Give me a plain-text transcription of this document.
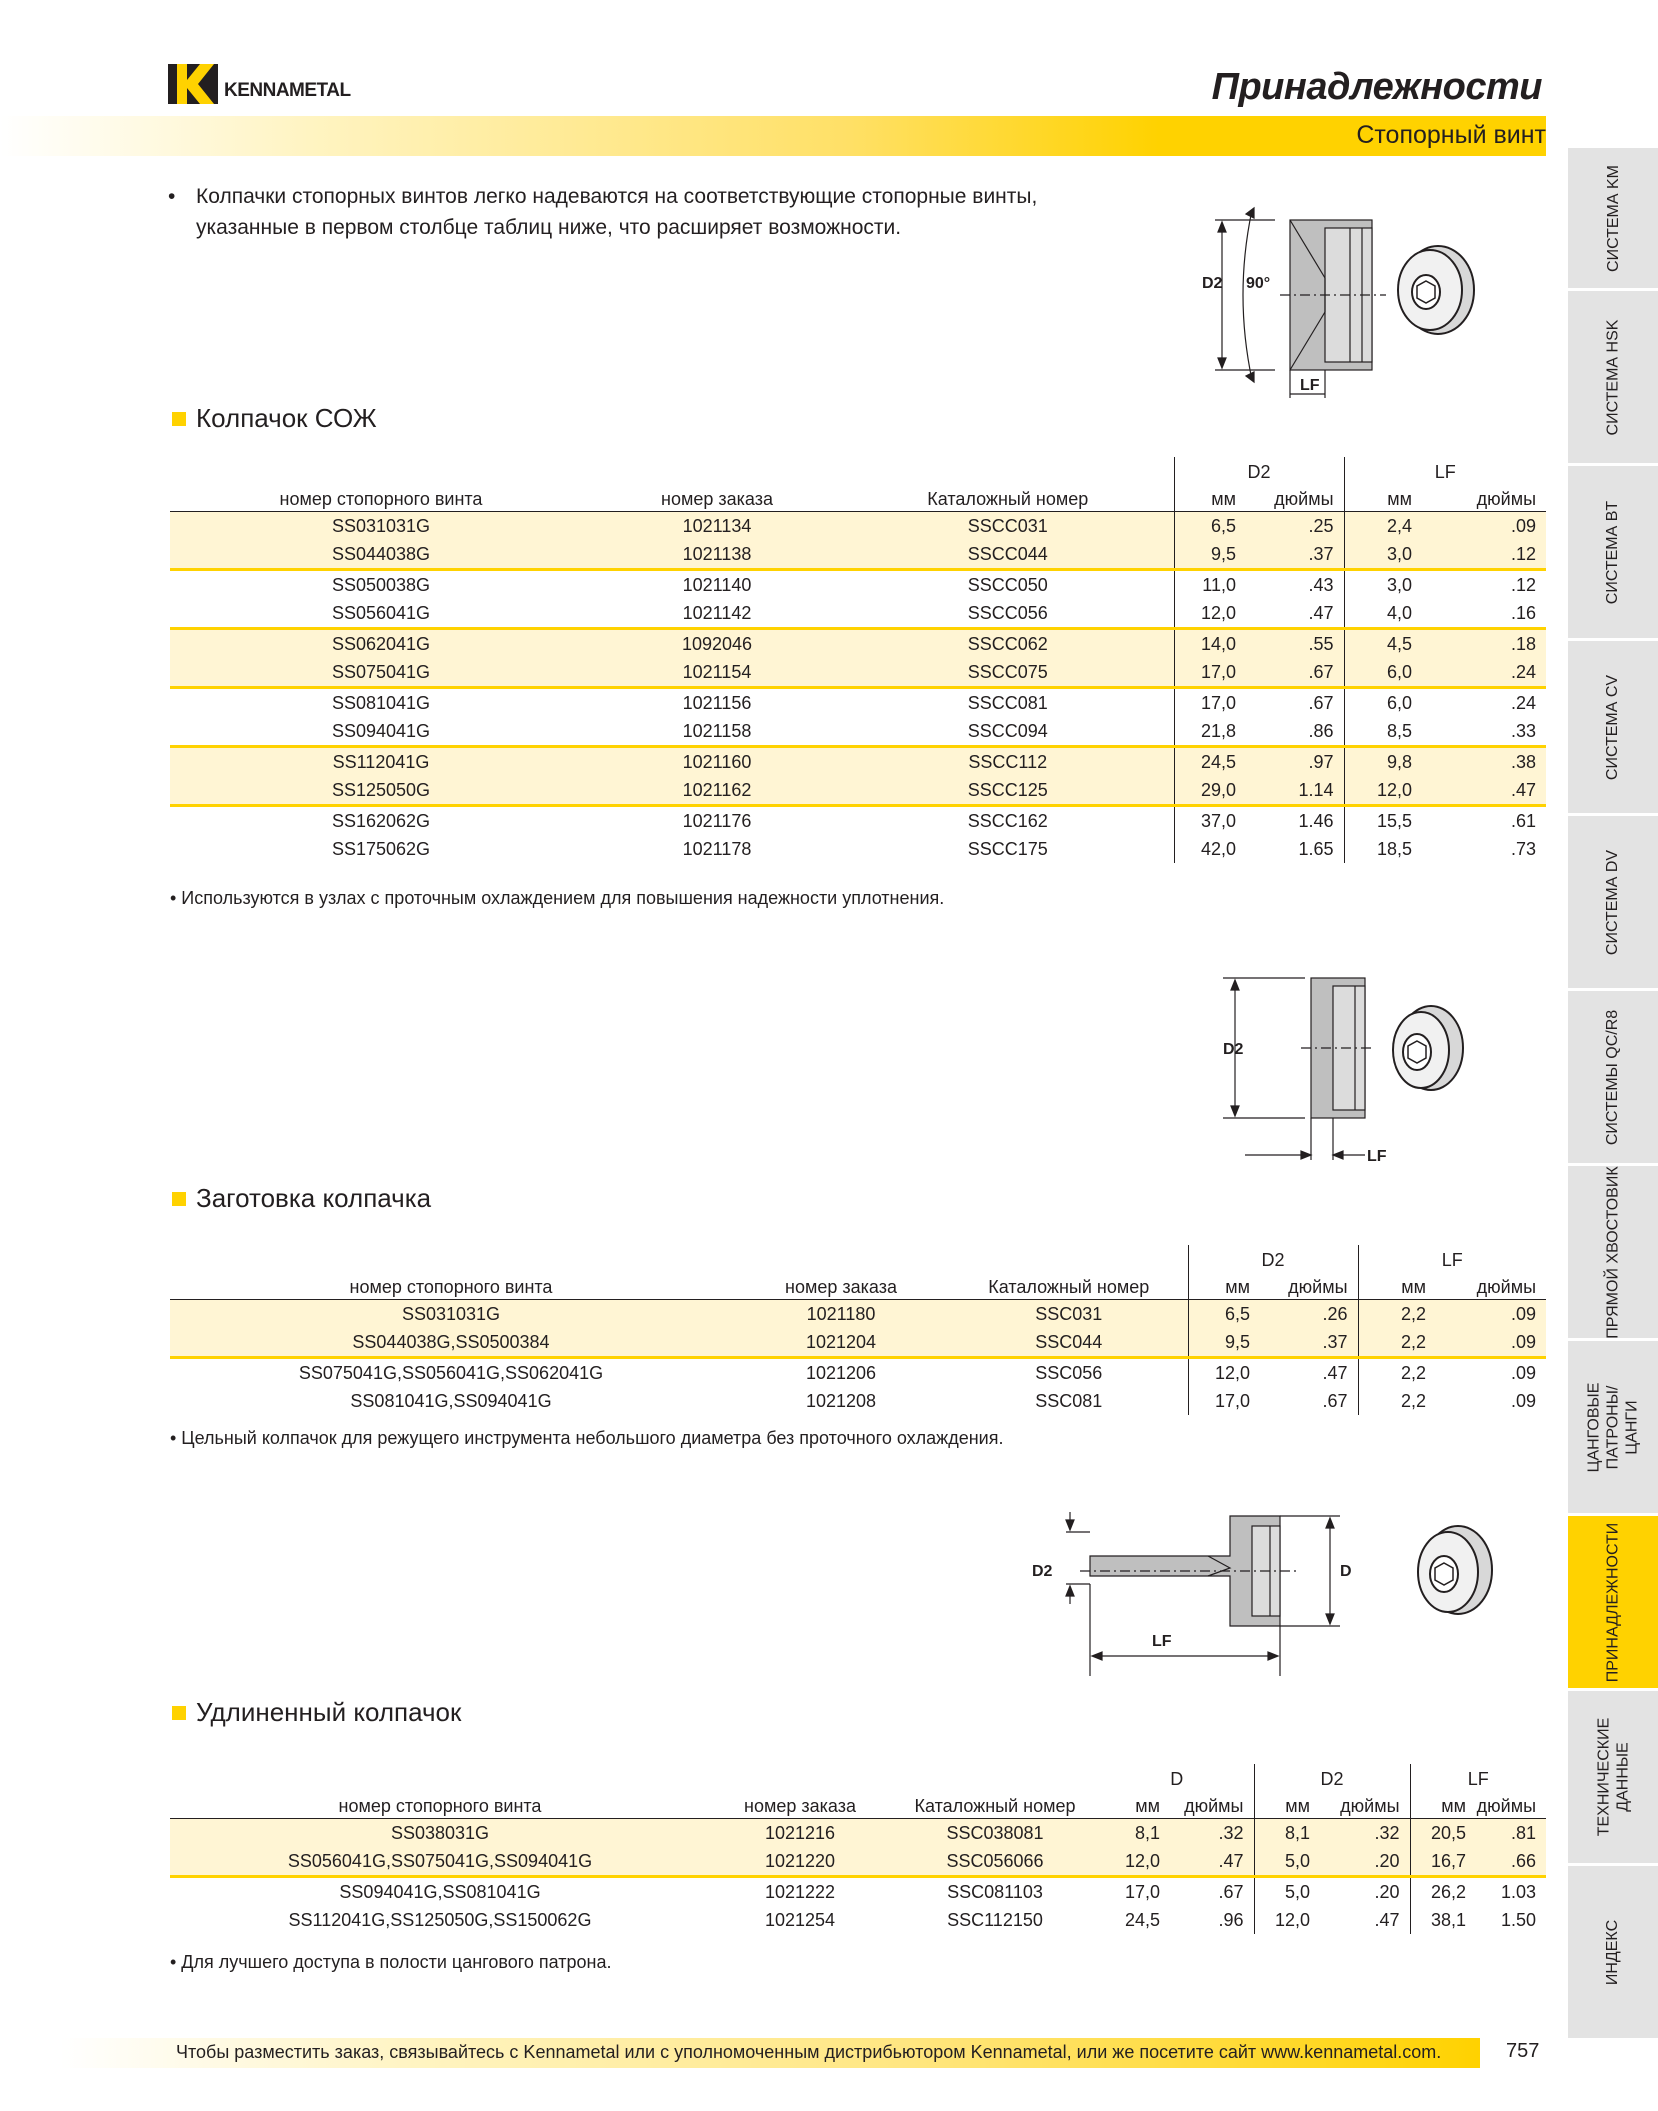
KENNAMETAL	Принадлежности
Стопорный винт
СИСТЕМА KM
СИСТЕМА HSK
СИСТЕМА BT
СИСТЕМА CV
СИСТЕМА DV
СИСТЕМЫ QC/R8
ПРЯМОЙ ХВОСТОВИК
ЦАНГОВЫЕ ПАТРОНЫ/ЦАНГИ
ПРИНАДЛЕЖНОСТИ
ТЕХНИЧЕСКИЕ ДАННЫЕ
ИНДЕКС
• Колпачки стопорных винтов легко надеваются на соответствующие стопорные винты, указанные в первом столбце таблиц ниже, что расширяет возможности.
D2 90°
LF
Колпачок СОЖ
			D2		LF	
номер стопорного винта	номер заказа	Каталожный номер	мм	дюймы	мм	дюймы
SS031031G	1021134	SSCC031	6,5	.25	2,4	.09
SS044038G	1021138	SSCC044	9,5	.37	3,0	.12
SS050038G	1021140	SSCC050	11,0	.43	3,0	.12
SS056041G	1021142	SSCC056	12,0	.47	4,0	.16
SS062041G	1092046	SSCC062	14,0	.55	4,5	.18
SS075041G	1021154	SSCC075	17,0	.67	6,0	.24
SS081041G	1021156	SSCC081	17,0	.67	6,0	.24
SS094041G	1021158	SSCC094	21,8	.86	8,5	.33
SS112041G	1021160	SSCC112	24,5	.97	9,8	.38
SS125050G	1021162	SSCC125	29,0	1.14	12,0	.47
SS162062G	1021176	SSCC162	37,0	1.46	15,5	.61
SS175062G	1021178	SSCC175	42,0	1.65	18,5	.73
• Используются в узлах с проточным охлаждением для повышения надежности уплотнения.
D2
LF
Заготовка колпачка
			D2		LF	
номер стопорного винта	номер заказа	Каталожный номер	мм	дюймы	мм	дюймы
SS031031G	1021180	SSC031	6,5	.26	2,2	.09
SS044038G,SS0500384	1021204	SSC044	9,5	.37	2,2	.09
SS075041G,SS056041G,SS062041G	1021206	SSC056	12,0	.47	2,2	.09
SS081041G,SS094041G	1021208	SSC081	17,0	.67	2,2	.09
• Цельный колпачок для режущего инструмента небольшого диаметра без проточного охлаждения.
D2	D
LF
Удлиненный колпачок
			D		D2		LF	
номер стопорного винта	номер заказа	Каталожный номер	мм	дюймы	мм	дюймы	мм	дюймы
SS038031G	1021216	SSC038081	8,1	.32	8,1	.32	20,5	.81
SS056041G,SS075041G,SS094041G	1021220	SSC056066	12,0	.47	5,0	.20	16,7	.66
SS094041G,SS081041G	1021222	SSC081103	17,0	.67	5,0	.20	26,2	1.03
SS112041G,SS125050G,SS150062G	1021254	SSC112150	24,5	.96	12,0	.47	38,1	1.50
• Для лучшего доступа в полости цангового патрона.
Чтобы разместить заказ, связывайтесь с Kennametal или с уполномоченным дистрибьютором Kennametal, или же посетите сайт www.kennametal.com.	757
